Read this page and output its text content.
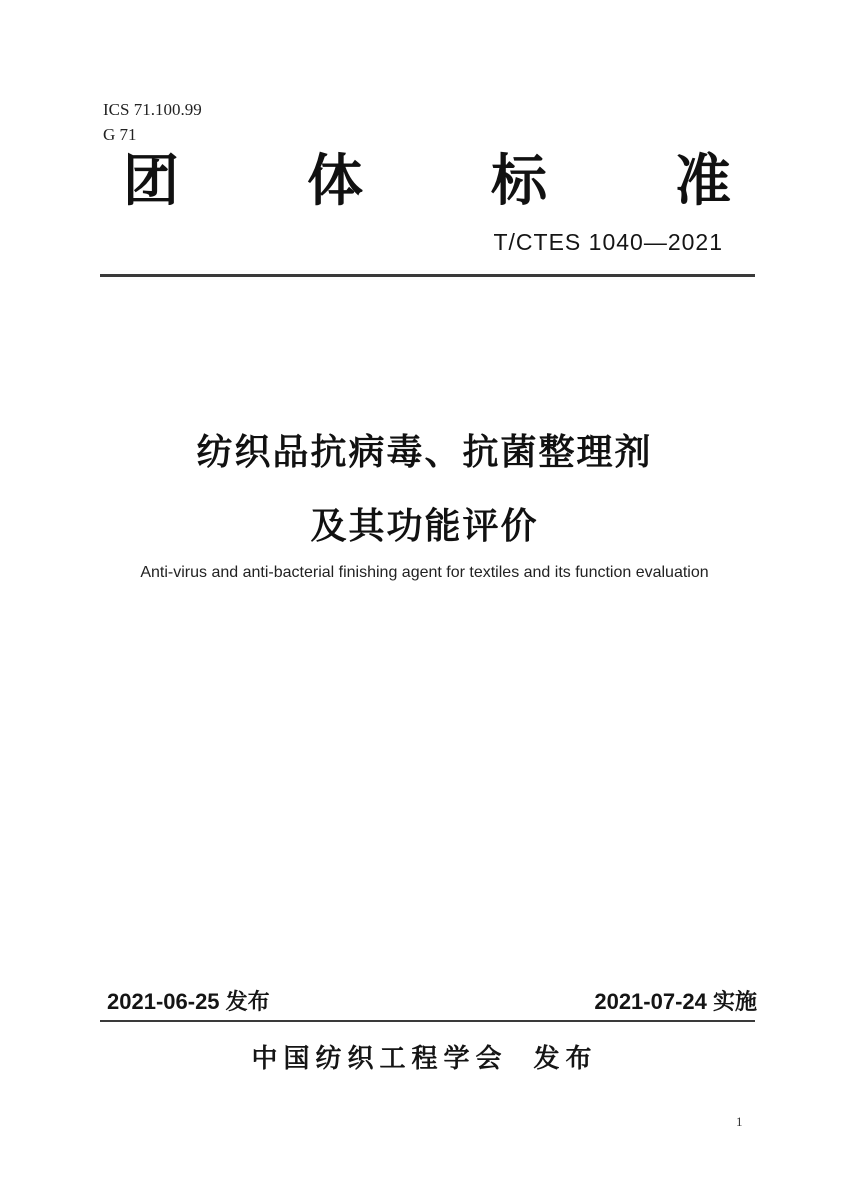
ICS 71.100.99
G 71
团 体 标 准
T/CTES 1040—2021
纺织品抗病毒、抗菌整理剂
及其功能评价
Anti-virus and anti-bacterial finishing agent for textiles and its function evaluation
2021-06-25 发布	2021-07-24 实施
中国纺织工程学会 发布
1
